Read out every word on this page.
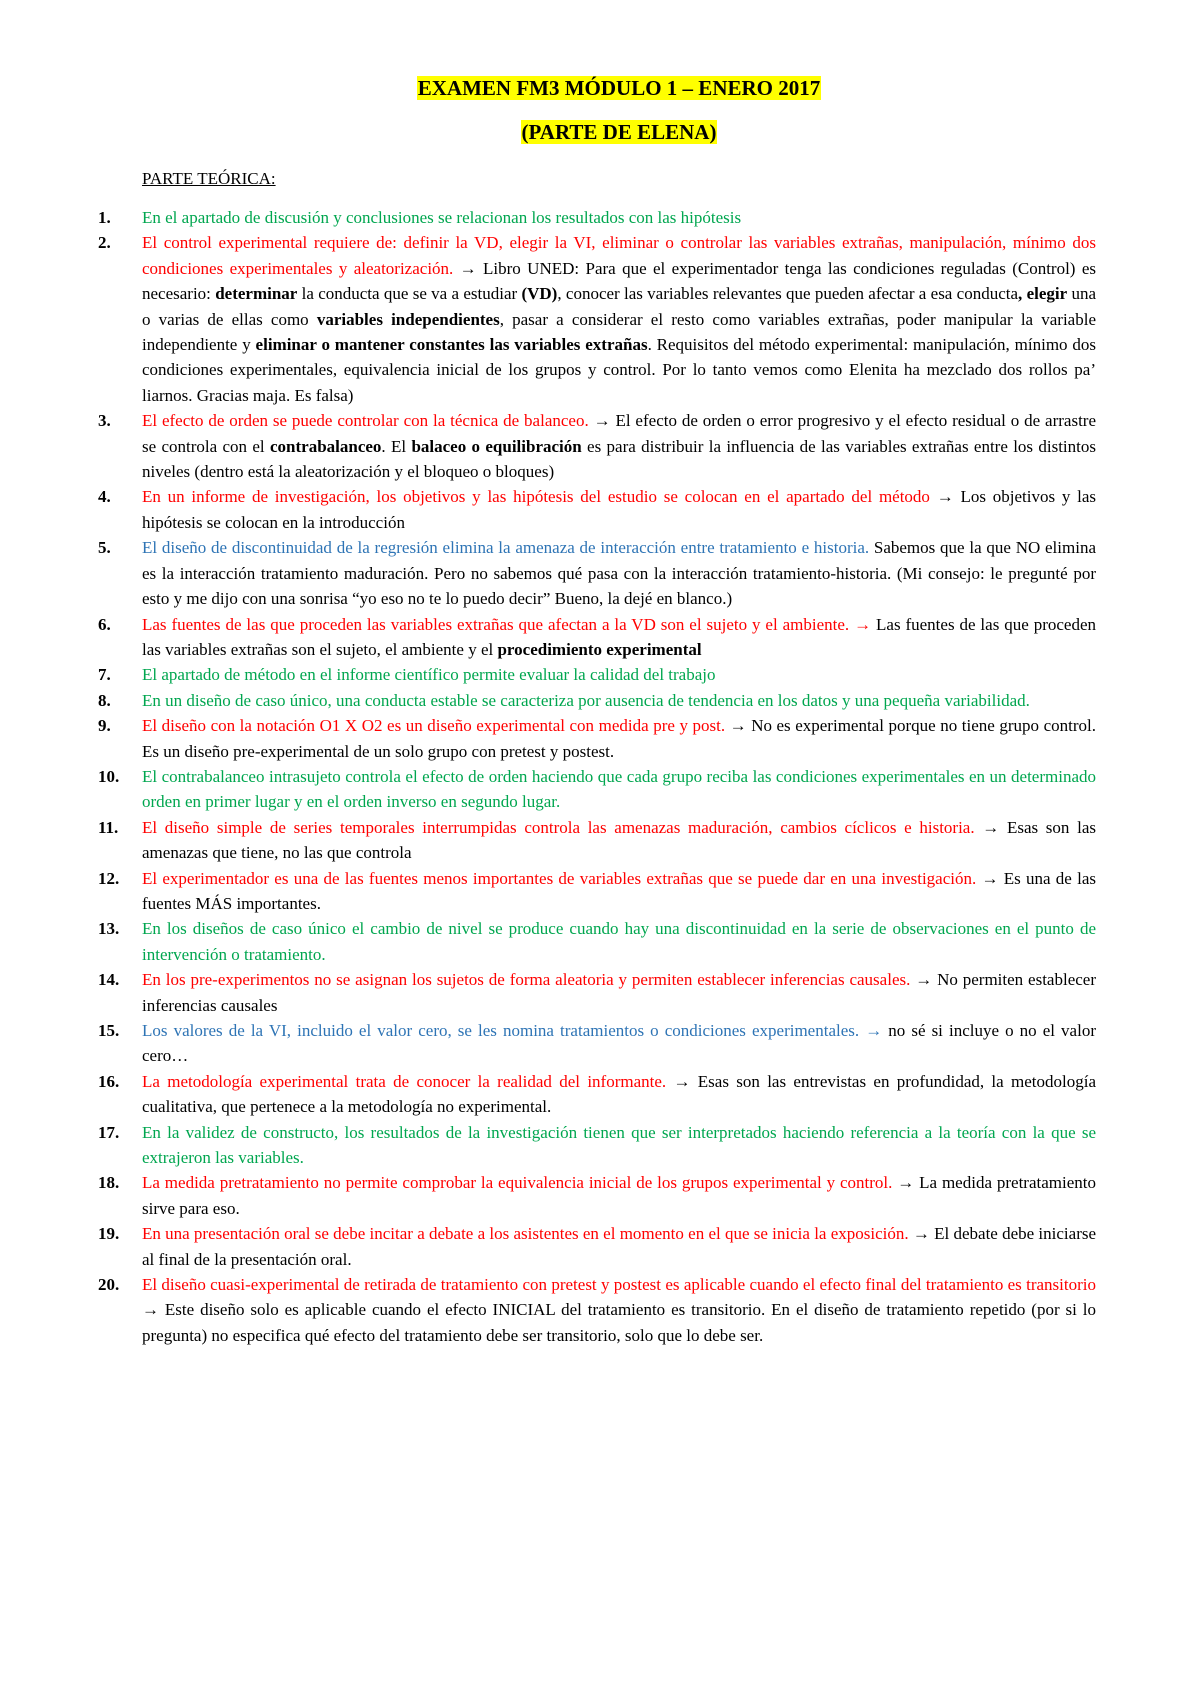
EXAMEN FM3 MÓDULO 1 – ENERO 2017

(PARTE DE ELENA)

PARTE TEÓRICA:

1.	En el apartado de discusión y conclusiones se relacionan los resultados con las hipótesis
2.	El control experimental requiere de: definir la VD, elegir la VI, eliminar o controlar las variables extrañas, manipulación, mínimo dos condiciones experimentales y aleatorización. → Libro UNED: Para que el experimentador tenga las condiciones reguladas (Control) es necesario: determinar la conducta que se va a estudiar (VD), conocer las variables relevantes que pueden afectar a esa conducta, elegir una o varias de ellas como variables independientes, pasar a considerar el resto como variables extrañas, poder manipular la variable independiente y eliminar o mantener constantes las variables extrañas. Requisitos del método experimental: manipulación, mínimo dos condiciones experimentales, equivalencia inicial de los grupos y control. Por lo tanto vemos como Elenita ha mezclado dos rollos pa’ liarnos. Gracias maja. Es falsa)
3.	El efecto de orden se puede controlar con la técnica de balanceo. → El efecto de orden o error progresivo y el efecto residual o de arrastre se controla con el contrabalanceo. El balaceo o equilibración es para distribuir la influencia de las variables extrañas entre los distintos niveles (dentro está la aleatorización y el bloqueo o bloques)
4.	En un informe de investigación, los objetivos y las hipótesis del estudio se colocan en el apartado del método → Los objetivos y las hipótesis se colocan en la introducción
5.	El diseño de discontinuidad de la regresión elimina la amenaza de interacción entre tratamiento e historia. Sabemos que la que NO elimina es la interacción tratamiento maduración. Pero no sabemos qué pasa con la interacción tratamiento-historia. (Mi consejo: le pregunté por esto y me dijo con una sonrisa “yo eso no te lo puedo decir” Bueno, la dejé en blanco.)
6.	Las fuentes de las que proceden las variables extrañas que afectan a la VD son el sujeto y el ambiente. → Las fuentes de las que proceden las variables extrañas son el sujeto, el ambiente y el procedimiento experimental
7.	El apartado de método en el informe científico permite evaluar la calidad del trabajo
8.	En un diseño de caso único, una conducta estable se caracteriza por ausencia de tendencia en los datos y una pequeña variabilidad.
9.	El diseño con la notación O1 X O2 es un diseño experimental con medida pre y post. → No es experimental porque no tiene grupo control. Es un diseño pre-experimental de un solo grupo con pretest y postest.
10.	El contrabalanceo intrasujeto controla el efecto de orden haciendo que cada grupo reciba las condiciones experimentales en un determinado orden en primer lugar y en el orden inverso en segundo lugar.
11.	El diseño simple de series temporales interrumpidas controla las amenazas maduración, cambios cíclicos e historia. → Esas son las amenazas que tiene, no las que controla
12.	El experimentador es una de las fuentes menos importantes de variables extrañas que se puede dar en una investigación. → Es una de las fuentes MÁS importantes.
13.	En los diseños de caso único el cambio de nivel se produce cuando hay una discontinuidad en la serie de observaciones en el punto de intervención o tratamiento.
14.	En los pre-experimentos no se asignan los sujetos de forma aleatoria y permiten establecer inferencias causales. → No permiten establecer inferencias causales
15.	Los valores de la VI, incluido el valor cero, se les nomina tratamientos o condiciones experimentales. → no sé si incluye o no el valor cero…
16.	La metodología experimental trata de conocer la realidad del informante. → Esas son las entrevistas en profundidad, la metodología cualitativa, que pertenece a la metodología no experimental.
17.	En la validez de constructo, los resultados de la investigación tienen que ser interpretados haciendo referencia a la teoría con la que se extrajeron las variables.
18.	La medida pretratamiento no permite comprobar la equivalencia inicial de los grupos experimental y control. → La medida pretratamiento sirve para eso.
19.	En una presentación oral se debe incitar a debate a los asistentes en el momento en el que se inicia la exposición. → El debate debe iniciarse al final de la presentación oral.
20.	El diseño cuasi-experimental de retirada de tratamiento con pretest y postest es aplicable cuando el efecto final del tratamiento es transitorio → Este diseño solo es aplicable cuando el efecto INICIAL del tratamiento es transitorio. En el diseño de tratamiento repetido (por si lo pregunta) no especifica qué efecto del tratamiento debe ser transitorio, solo que lo debe ser.
